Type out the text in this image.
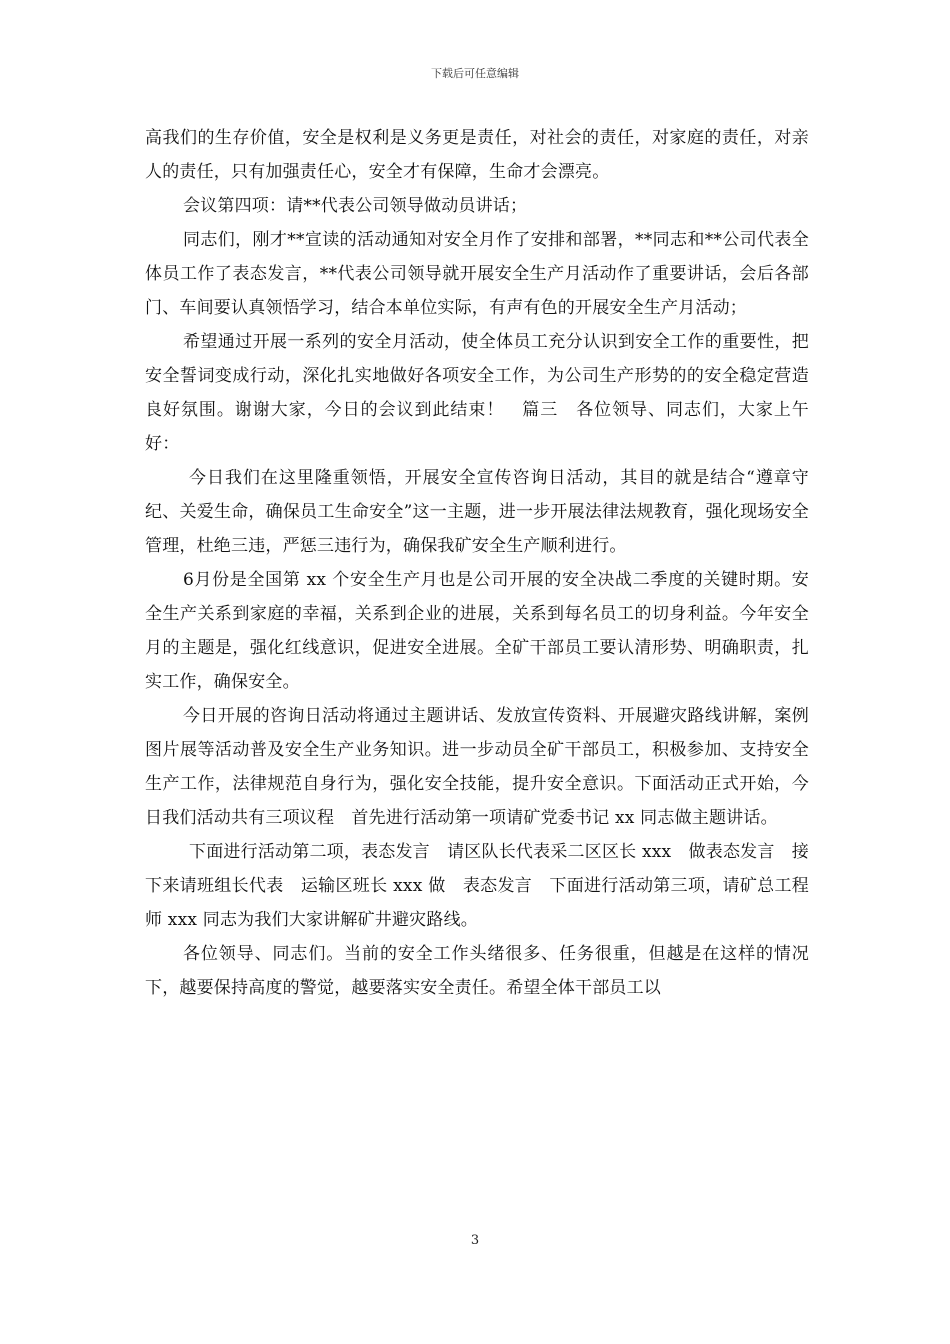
下载后可任意编辑

高我们的生存价值，安全是权利是义务更是责任，对社会的责任，对家庭的责任，对亲人的责任，只有加强责任心，安全才有保障，生命才会漂亮。

会议第四项：请**代表公司领导做动员讲话；

同志们，刚才**宣读的活动通知对安全月作了安排和部署，**同志和**公司代表全体员工作了表态发言，**代表公司领导就开展安全生产月活动作了重要讲话，会后各部门、车间要认真领悟学习，结合本单位实际，有声有色的开展安全生产月活动；

希望通过开展一系列的安全月活动，使全体员工充分认识到安全工作的重要性，把安全誓词变成行动，深化扎实地做好各项安全工作，为公司生产形势的的安全稳定营造良好氛围。谢谢大家，今日的会议到此结束！　篇三　各位领导、同志们，大家上午好：

今日我们在这里隆重领悟，开展安全宣传咨询日活动，其目的就是结合“遵章守纪、关爱生命，确保员工生命安全”这一主题，进一步开展法律法规教育，强化现场安全管理，杜绝三违，严惩三违行为，确保我矿安全生产顺利进行。

6月份是全国第 xx 个安全生产月也是公司开展的安全决战二季度的关键时期。安全生产关系到家庭的幸福，关系到企业的进展，关系到每名员工的切身利益。今年安全月的主题是，强化红线意识，促进安全进展。全矿干部员工要认清形势、明确职责，扎实工作，确保安全。

今日开展的咨询日活动将通过主题讲话、发放宣传资料、开展避灾路线讲解，案例图片展等活动普及安全生产业务知识。进一步动员全矿干部员工，积极参加、支持安全生产工作，法律规范自身行为，强化安全技能，提升安全意识。下面活动正式开始，今日我们活动共有三项议程　首先进行活动第一项请矿党委书记 xx 同志做主题讲话。

下面进行活动第二项，表态发言　请区队长代表采二区区长 xxx　做表态发言　接下来请班组长代表　运输区班长 xxx 做　表态发言　下面进行活动第三项，请矿总工程师 xxx 同志为我们大家讲解矿井避灾路线。

各位领导、同志们。当前的安全工作头绪很多、任务很重，但越是在这样的情况下，越要保持高度的警觉，越要落实安全责任。希望全体干部员工以

3
